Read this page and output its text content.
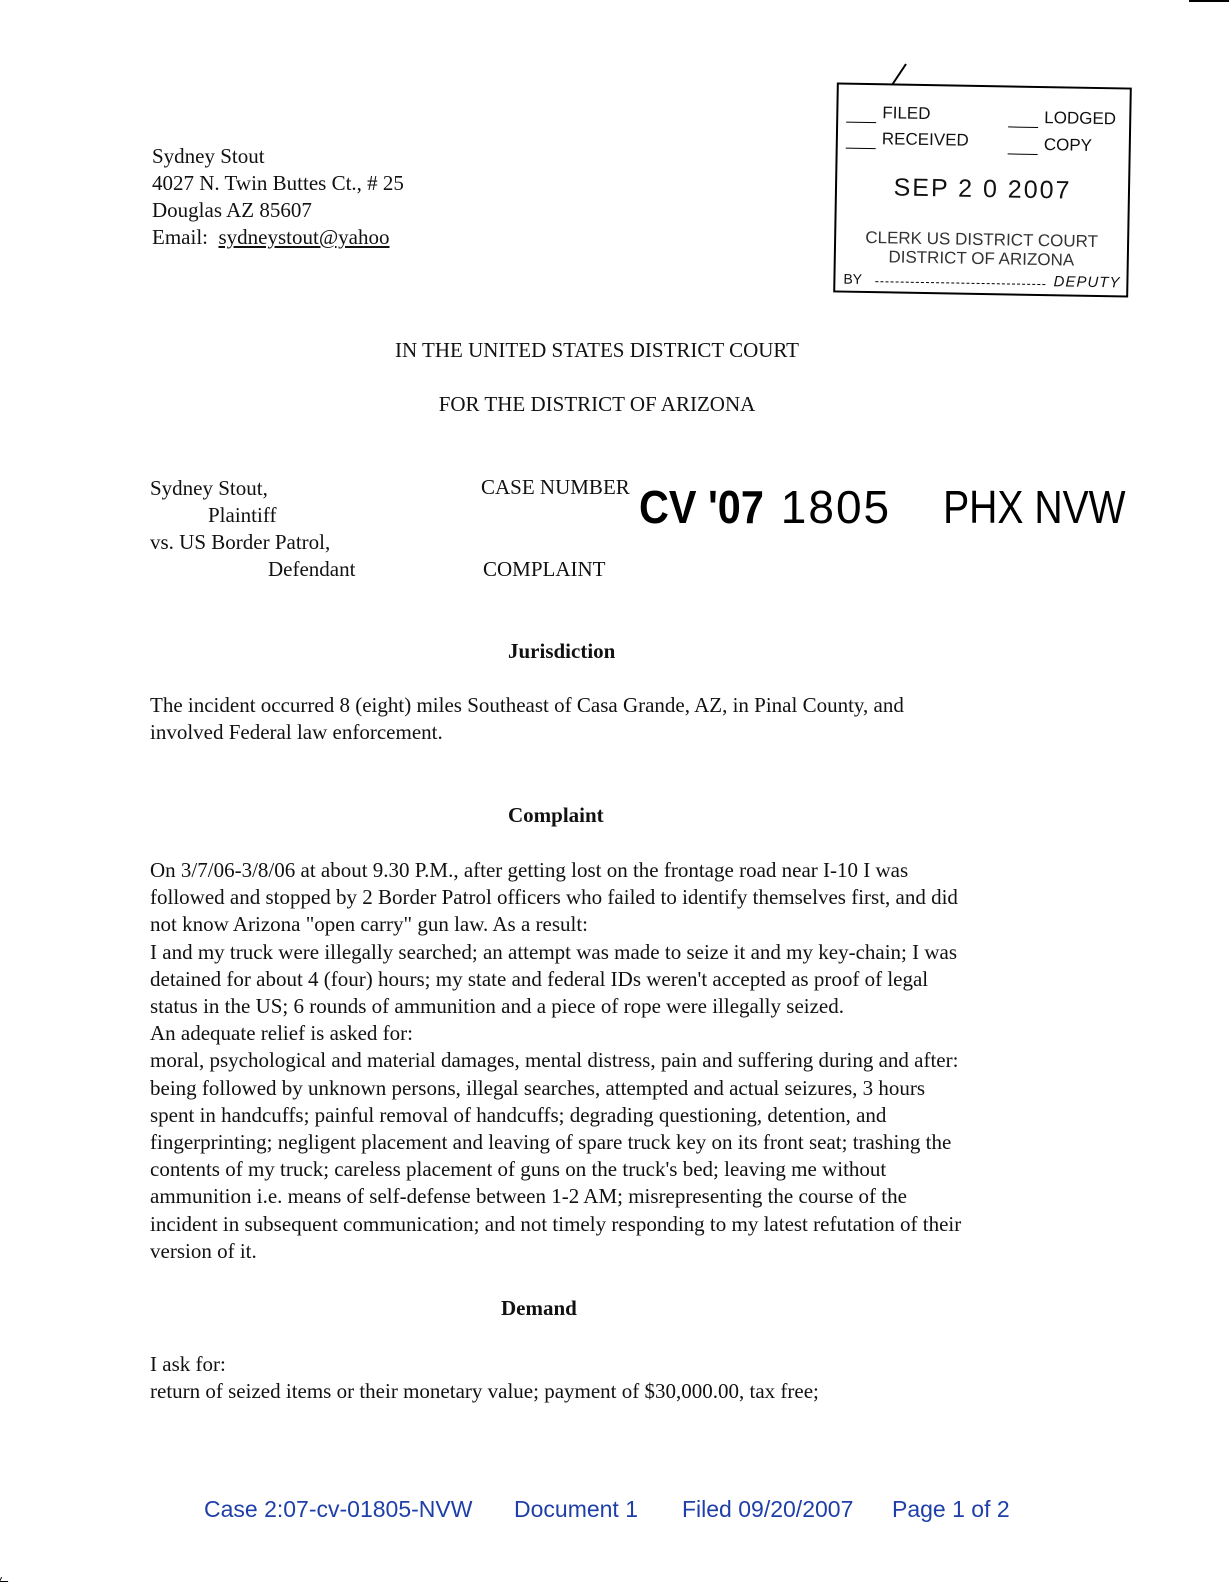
Sydney Stout
4027 N. Twin Buttes Ct., # 25
Douglas AZ 85607
Email: sydneystout@yahoo
FILED	LODGED
RECEIVED	COPY
SEP 2 0 2007
CLERK US DISTRICT COURT
DISTRICT OF ARIZONA
BY	DEPUTY
IN THE UNITED STATES DISTRICT COURT
FOR THE DISTRICT OF ARIZONA
Sydney Stout,
Plaintiff
vs. US Border Patrol,
Defendant
CASE NUMBER CV '07 1805 PHX NVW
COMPLAINT
Jurisdiction
The incident occurred 8 (eight) miles Southeast of Casa Grande, AZ, in Pinal County, and
involved Federal law enforcement.
Complaint
On 3/7/06-3/8/06 at about 9.30 P.M., after getting lost on the frontage road near I-10 I was
followed and stopped by 2 Border Patrol officers who failed to identify themselves first, and did
not know Arizona "open carry" gun law. As a result:
I and my truck were illegally searched; an attempt was made to seize it and my key-chain; I was
detained for about 4 (four) hours; my state and federal IDs weren't accepted as proof of legal
status in the US; 6 rounds of ammunition and a piece of rope were illegally seized.
An adequate relief is asked for:
moral, psychological and material damages, mental distress, pain and suffering during and after:
being followed by unknown persons, illegal searches, attempted and actual seizures, 3 hours
spent in handcuffs; painful removal of handcuffs; degrading questioning, detention, and
fingerprinting; negligent placement and leaving of spare truck key on its front seat; trashing the
contents of my truck; careless placement of guns on the truck's bed; leaving me without
ammunition i.e. means of self-defense between 1-2 AM; misrepresenting the course of the
incident in subsequent communication; and not timely responding to my latest refutation of their
version of it.
Demand
I ask for:
return of seized items or their monetary value; payment of $30,000.00, tax free;
Case 2:07-cv-01805-NVW Document 1 Filed 09/20/2007 Page 1 of 2
